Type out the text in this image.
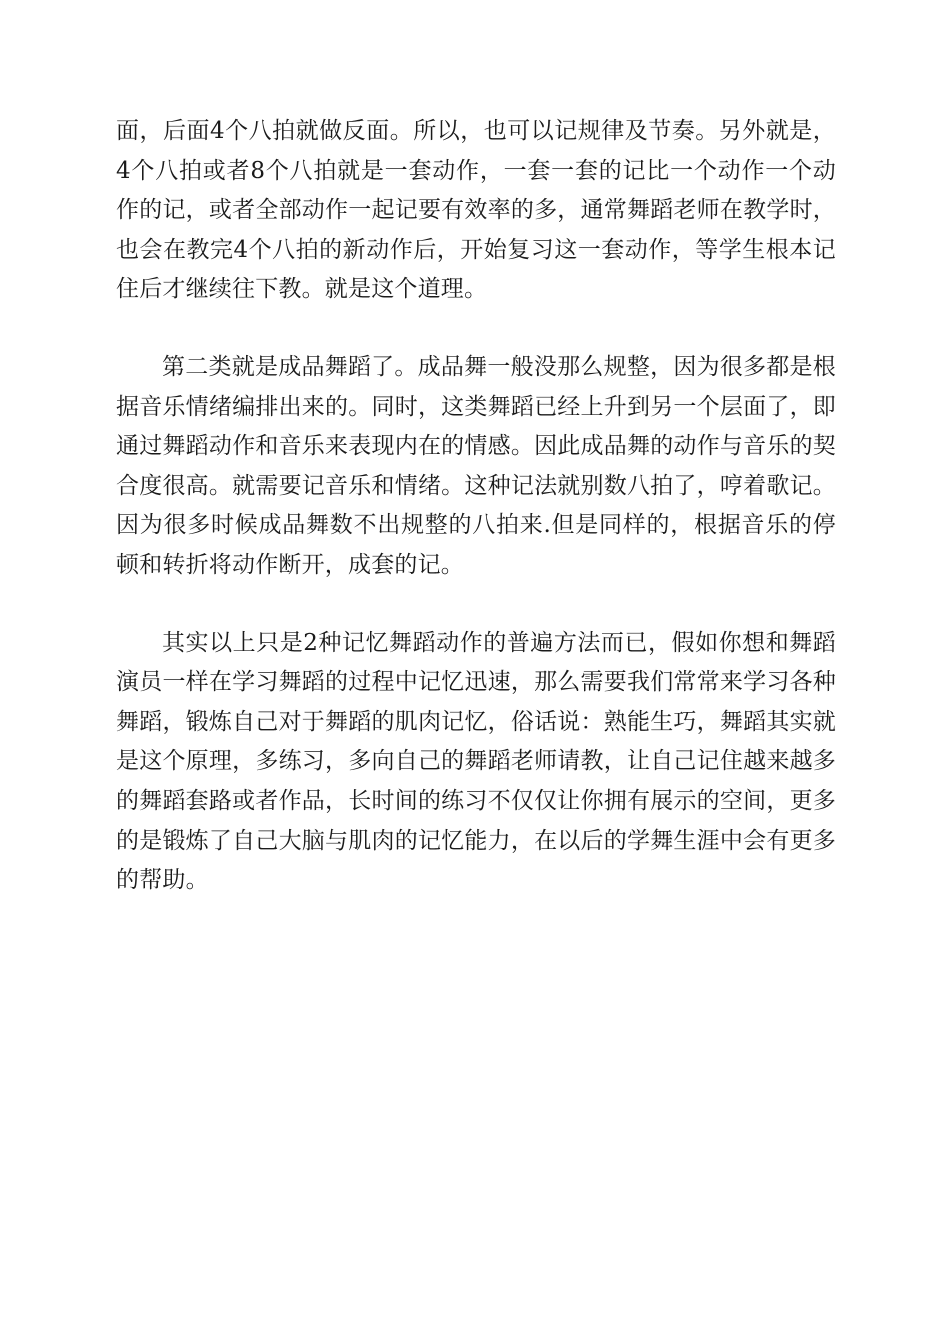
面，后面4个八拍就做反面。所以，也可以记规律及节奏。另外就是，4个八拍或者8个八拍就是一套动作，一套一套的记比一个动作一个动作的记，或者全部动作一起记要有效率的多，通常舞蹈老师在教学时，也会在教完4个八拍的新动作后，开始复习这一套动作，等学生根本记住后才继续往下教。就是这个道理。

第二类就是成品舞蹈了。成品舞一般没那么规整，因为很多都是根据音乐情绪编排出来的。同时，这类舞蹈已经上升到另一个层面了，即通过舞蹈动作和音乐来表现内在的情感。因此成品舞的动作与音乐的契合度很高。就需要记音乐和情绪。这种记法就别数八拍了，哼着歌记。因为很多时候成品舞数不出规整的八拍来.但是同样的，根据音乐的停顿和转折将动作断开，成套的记。

其实以上只是2种记忆舞蹈动作的普遍方法而已，假如你想和舞蹈演员一样在学习舞蹈的过程中记忆迅速，那么需要我们常常来学习各种舞蹈，锻炼自己对于舞蹈的肌肉记忆，俗话说：熟能生巧，舞蹈其实就是这个原理，多练习，多向自己的舞蹈老师请教，让自己记住越来越多的舞蹈套路或者作品，长时间的练习不仅仅让你拥有展示的空间，更多的是锻炼了自己大脑与肌肉的记忆能力，在以后的学舞生涯中会有更多的帮助。
